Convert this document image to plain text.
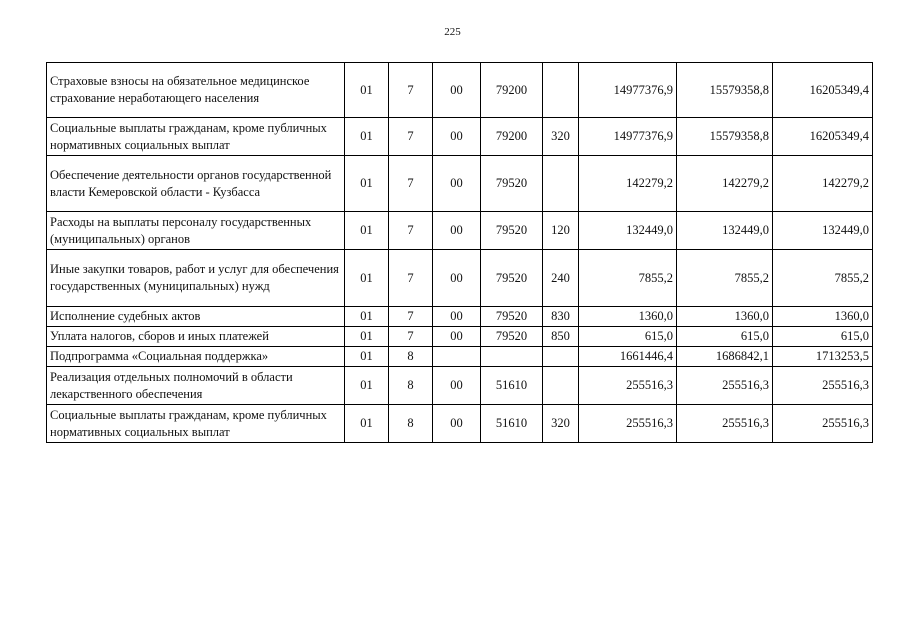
225
Страховые взносы на обязательное медицинское страхование неработающего населения	01	7	00	79200		14977376,9	15579358,8	16205349,4
Социальные выплаты гражданам, кроме публичных нормативных социальных выплат	01	7	00	79200	320	14977376,9	15579358,8	16205349,4
Обеспечение деятельности органов государственной власти Кемеровской области - Кузбасса	01	7	00	79520		142279,2	142279,2	142279,2
Расходы на выплаты персоналу государственных (муниципальных) органов	01	7	00	79520	120	132449,0	132449,0	132449,0
Иные закупки товаров, работ и услуг для обеспечения государственных (муниципальных) нужд	01	7	00	79520	240	7855,2	7855,2	7855,2
Исполнение судебных актов	01	7	00	79520	830	1360,0	1360,0	1360,0
Уплата налогов, сборов и иных платежей	01	7	00	79520	850	615,0	615,0	615,0
Подпрограмма «Социальная поддержка»	01	8				1661446,4	1686842,1	1713253,5
Реализация отдельных полномочий в области лекарственного обеспечения	01	8	00	51610		255516,3	255516,3	255516,3
Социальные выплаты гражданам, кроме публичных нормативных социальных выплат	01	8	00	51610	320	255516,3	255516,3	255516,3
